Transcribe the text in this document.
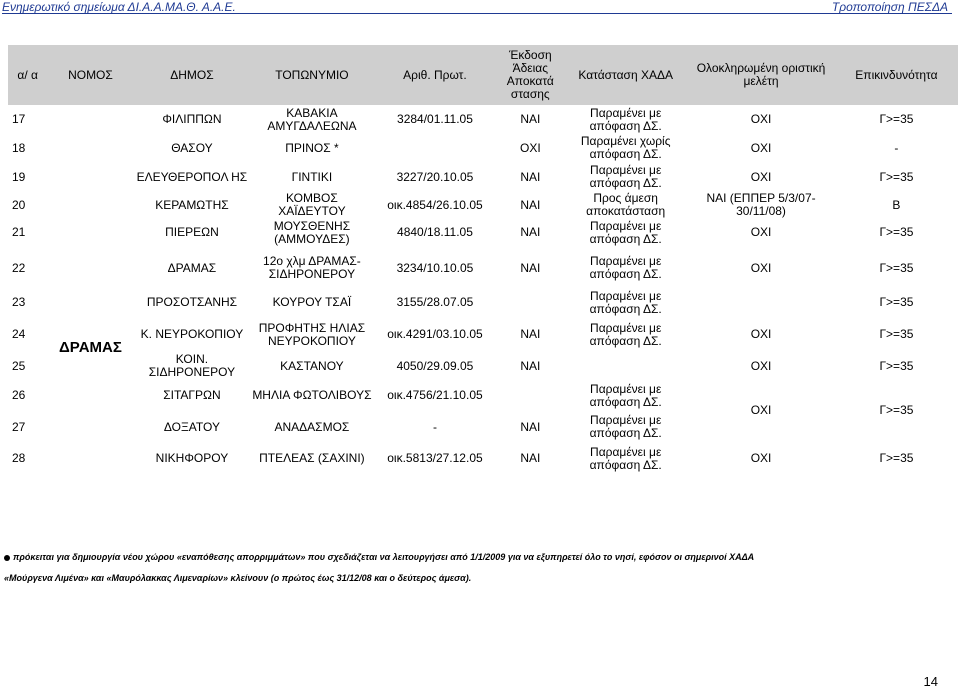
Ενημερωτικό σημείωμα ΔΙ.Α.Α.ΜΑ.Θ. Α.Α.Ε.	Τροποποίηση ΠΕΣΔΑ
α/ α	ΝΟΜΟΣ	ΔΗΜΟΣ	ΤΟΠΩΝΥΜΙΟ	Αριθ. Πρωτ.	Έκδοση Άδειας Αποκατά στασης	Κατάσταση ΧΑΔΑ	Ολοκληρωμένη οριστική μελέτη	Επικινδυνότητα
17		ΦΙΛΙΠΠΩΝ	ΚΑΒΑΚΙΑ ΑΜΥΓΔΑΛΕΩΝΑ	3284/01.11.05	ΝΑΙ	Παραμένει με απόφαση ΔΣ.	ΟΧΙ	Γ>=35
18		ΘΑΣΟΥ	ΠΡΙΝΟΣ *		ΟΧΙ	Παραμένει χωρίς απόφαση ΔΣ.	ΟΧΙ	-
19		ΕΛΕΥΘΕΡΟΠΟΛ ΗΣ	ΓΙΝΤΙΚΙ	3227/20.10.05	ΝΑΙ	Παραμένει με απόφαση ΔΣ.	ΟΧΙ	Γ>=35
20		ΚΕΡΑΜΩΤΗΣ	ΚΟΜΒΟΣ ΧΑΪΔΕΥΤΟΥ	οικ.4854/26.10.05	ΝΑΙ	Προς άμεση αποκατάσταση	ΝΑΙ (ΕΠΠΕΡ 5/3/07-30/11/08)	Β
21		ΠΙΕΡΕΩΝ	ΜΟΥΣΘΕΝΗΣ (ΑΜΜΟΥΔΕΣ)	4840/18.11.05	ΝΑΙ	Παραμένει με απόφαση ΔΣ.	ΟΧΙ	Γ>=35
22		ΔΡΑΜΑΣ	12ο χλμ ΔΡΑΜΑΣ- ΣΙΔΗΡΟΝΕΡΟΥ	3234/10.10.05	ΝΑΙ	Παραμένει με απόφαση ΔΣ.	ΟΧΙ	Γ>=35
23		ΠΡΟΣΟΤΣΑΝΗΣ	ΚΟΥΡΟΥ ΤΣΑΪ	3155/28.07.05		Παραμένει με απόφαση ΔΣ.		Γ>=35
24	ΔΡΑΜΑΣ	Κ. ΝΕΥΡΟΚΟΠΙΟΥ	ΠΡΟΦΗΤΗΣ ΗΛΙΑΣ ΝΕΥΡΟΚΟΠΙΟΥ	οικ.4291/03.10.05	ΝΑΙ	Παραμένει με απόφαση ΔΣ.	ΟΧΙ	Γ>=35
25		ΚΟΙΝ. ΣΙΔΗΡΟΝΕΡΟΥ	ΚΑΣΤΑΝΟΥ	4050/29.09.05	ΝΑΙ		ΟΧΙ	Γ>=35
26		ΣΙΤΑΓΡΩΝ	ΜΗΛΙΑ ΦΩΤΟΛΙΒΟΥΣ	οικ.4756/21.10.05		Παραμένει με απόφαση ΔΣ.	ΟΧΙ	Γ>=35
27		ΔΟΞΑΤΟΥ	ΑΝΑΔΑΣΜΟΣ	-	ΝΑΙ	Παραμένει με απόφαση ΔΣ.		
28		ΝΙΚΗΦΟΡΟΥ	ΠΤΕΛΕΑΣ (ΣΑΧΙΝΙ)	οικ.5813/27.12.05	ΝΑΙ	Παραμένει με απόφαση ΔΣ.	ΟΧΙ	Γ>=35
πρόκειται για δημιουργία νέου χώρου «εναπόθεσης απορριμμάτων» που σχεδιάζεται να λειτουργήσει από 1/1/2009 για να εξυπηρετεί όλο το νησί, εφόσον οι σημερινοί ΧΑΔΑ
«Μούργενα Λιμένα» και «Μαυρόλακκας Λιμεναρίων» κλείνουν (ο πρώτος έως 31/12/08 και ο δεύτερος άμεσα).
14
